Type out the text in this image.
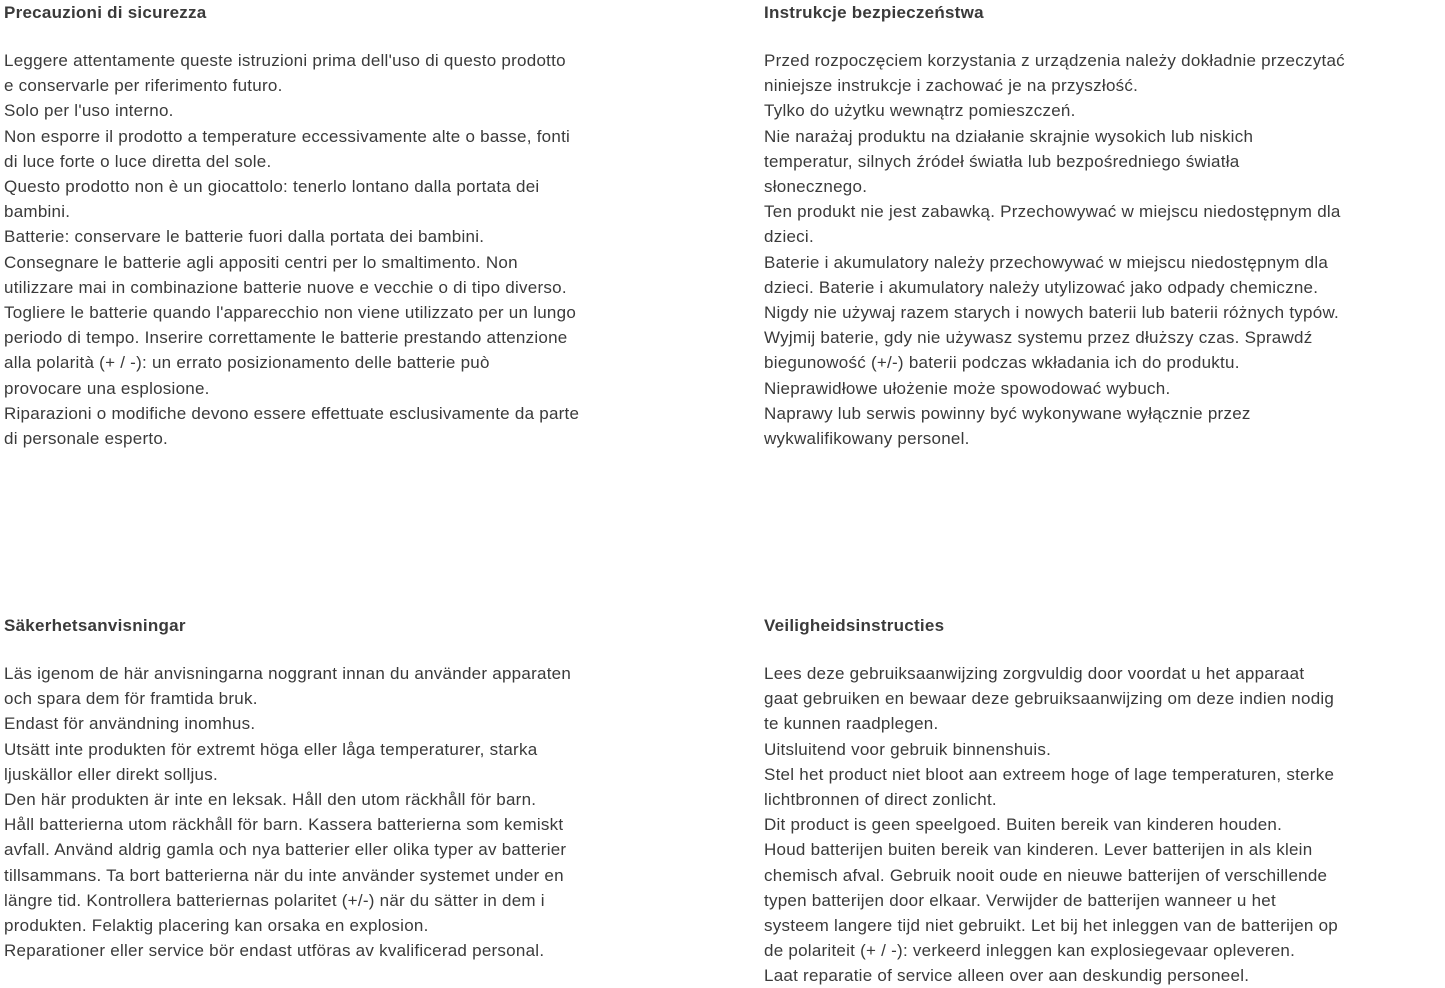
Precauzioni di sicurezza
Leggere attentamente queste istruzioni prima dell'uso di questo prodotto
e conservarle per riferimento futuro.
Solo per l'uso interno.
Non esporre il prodotto a temperature eccessivamente alte o basse, fonti
di luce forte o luce diretta del sole.
Questo prodotto non è un giocattolo: tenerlo lontano dalla portata dei
bambini.
Batterie: conservare le batterie fuori dalla portata dei bambini.
Consegnare le batterie agli appositi centri per lo smaltimento. Non
utilizzare mai in combinazione batterie nuove e vecchie o di tipo diverso.
Togliere le batterie quando l'apparecchio non viene utilizzato per un lungo
periodo di tempo. Inserire correttamente le batterie prestando attenzione
alla polarità (+ / -): un errato posizionamento delle batterie può
provocare una esplosione.
Riparazioni o modifiche devono essere effettuate esclusivamente da parte
di personale esperto.
Instrukcje bezpieczeństwa
Przed rozpoczęciem korzystania z urządzenia należy dokładnie przeczytać
niniejsze instrukcje i zachować je na przyszłość.
Tylko do użytku wewnątrz pomieszczeń.
Nie narażaj produktu na działanie skrajnie wysokich lub niskich
temperatur, silnych źródeł światła lub bezpośredniego światła
słonecznego.
Ten produkt nie jest zabawką. Przechowywać w miejscu niedostępnym dla
dzieci.
Baterie i akumulatory należy przechowywać w miejscu niedostępnym dla
dzieci. Baterie i akumulatory należy utylizować jako odpady chemiczne.
Nigdy nie używaj razem starych i nowych baterii lub baterii różnych typów.
Wyjmij baterie, gdy nie używasz systemu przez dłuższy czas. Sprawdź
biegunowość (+/-) baterii podczas wkładania ich do produktu.
Nieprawidłowe ułożenie może spowodować wybuch.
Naprawy lub serwis powinny być wykonywane wyłącznie przez
wykwalifikowany personel.
Säkerhetsanvisningar
Läs igenom de här anvisningarna noggrant innan du använder apparaten
och spara dem för framtida bruk.
Endast för användning inomhus.
Utsätt inte produkten för extremt höga eller låga temperaturer, starka
ljuskällor eller direkt solljus.
Den här produkten är inte en leksak. Håll den utom räckhåll för barn.
Håll batterierna utom räckhåll för barn. Kassera batterierna som kemiskt
avfall. Använd aldrig gamla och nya batterier eller olika typer av batterier
tillsammans. Ta bort batterierna när du inte använder systemet under en
längre tid. Kontrollera batteriernas polaritet (+/-) när du sätter in dem i
produkten. Felaktig placering kan orsaka en explosion.
Reparationer eller service bör endast utföras av kvalificerad personal.
Veiligheidsinstructies
Lees deze gebruiksaanwijzing zorgvuldig door voordat u het apparaat
gaat gebruiken en bewaar deze gebruiksaanwijzing om deze indien nodig
te kunnen raadplegen.
Uitsluitend voor gebruik binnenshuis.
Stel het product niet bloot aan extreem hoge of lage temperaturen, sterke
lichtbronnen of direct zonlicht.
Dit product is geen speelgoed. Buiten bereik van kinderen houden.
Houd batterijen buiten bereik van kinderen. Lever batterijen in als klein
chemisch afval. Gebruik nooit oude en nieuwe batterijen of verschillende
typen batterijen door elkaar. Verwijder de batterijen wanneer u het
systeem langere tijd niet gebruikt. Let bij het inleggen van de batterijen op
de polariteit (+ / -): verkeerd inleggen kan explosiegevaar opleveren.
Laat reparatie of service alleen over aan deskundig personeel.
